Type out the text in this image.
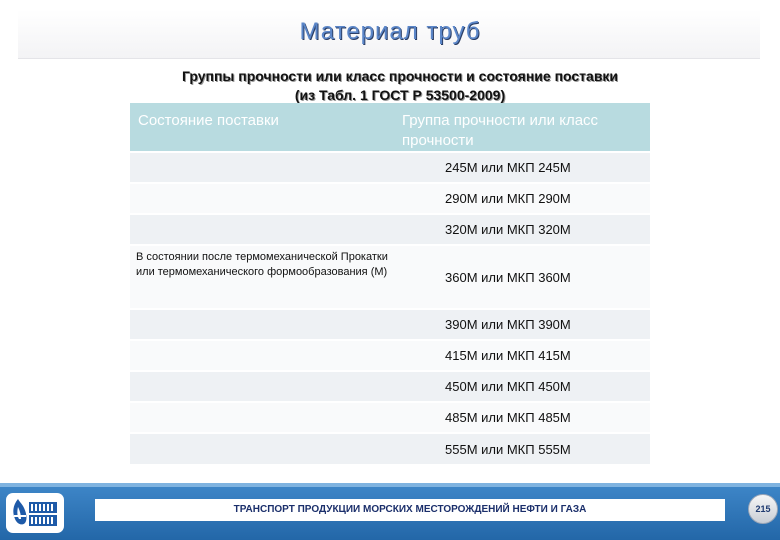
Материал труб
Группы прочности или класс прочности и состояние поставки
(из Табл. 1 ГОСТ Р 53500-2009)
Состояние поставки	Группа прочности или класс прочности
	245М или МКП 245М
	290М или МКП 290М
	320М или МКП 320М
В состоянии после термомеханической Прокатки или термомеханического формообразования (М)	360М или МКП 360М
	390М или МКП 390М
	415М или МКП 415М
	450М или МКП 450М
	485М или МКП 485М
	555М или МКП 555М
ТРАНСПОРТ ПРОДУКЦИИ МОРСКИХ МЕСТОРОЖДЕНИЙ НЕФТИ И ГАЗА	215
